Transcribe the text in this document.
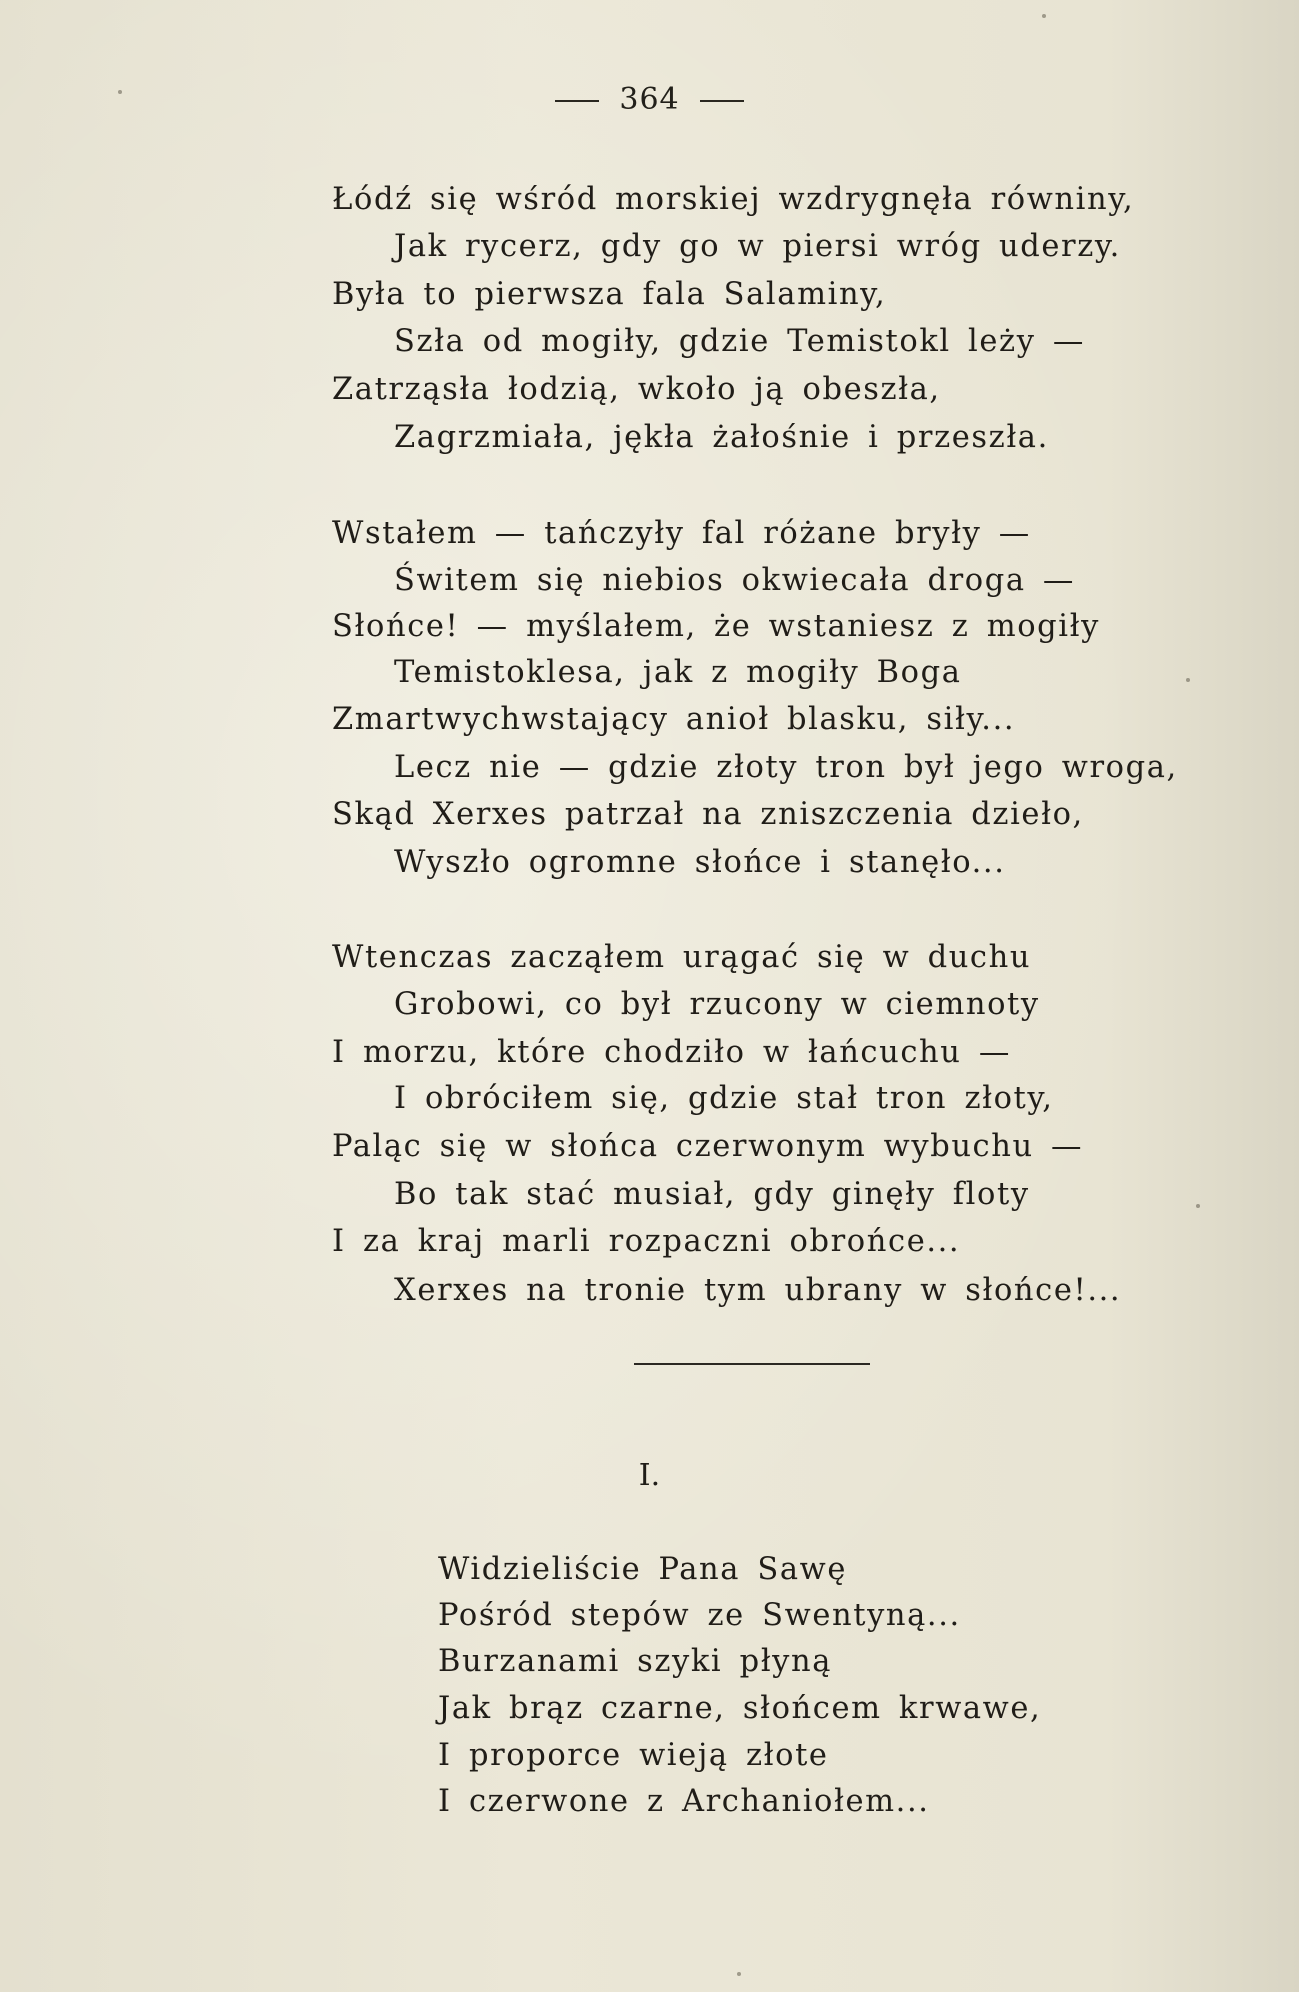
364
Łódź się wśród morskiej wzdrygnęła równiny,
Jak rycerz, gdy go w piersi wróg uderzy.
Była to pierwsza fala Salaminy,
Szła od mogiły, gdzie Temistokl leży —
Zatrząsła łodzią, wkoło ją obeszła,
Zagrzmiała, jękła żałośnie i przeszła.
Wstałem — tańczyły fal różane bryły —
Świtem się niebios okwiecała droga —
Słońce! — myślałem, że wstaniesz z mogiły
Temistoklesa, jak z mogiły Boga
Zmartwychwstający anioł blasku, siły...
Lecz nie — gdzie złoty tron był jego wroga,
Skąd Xerxes patrzał na zniszczenia dzieło,
Wyszło ogromne słońce i stanęło...
Wtenczas zacząłem urągać się w duchu
Grobowi, co był rzucony w ciemnoty
I morzu, które chodziło w łańcuchu —
I obróciłem się, gdzie stał tron złoty,
Paląc się w słońca czerwonym wybuchu —
Bo tak stać musiał, gdy ginęły floty
I za kraj marli rozpaczni obrońce...
Xerxes na tronie tym ubrany w słońce!...
I.
Widzieliście Pana Sawę
Pośród stepów ze Swentyną...
Burzanami szyki płyną
Jak brąz czarne, słońcem krwawe,
I proporce wieją złote
I czerwone z Archaniołem...
